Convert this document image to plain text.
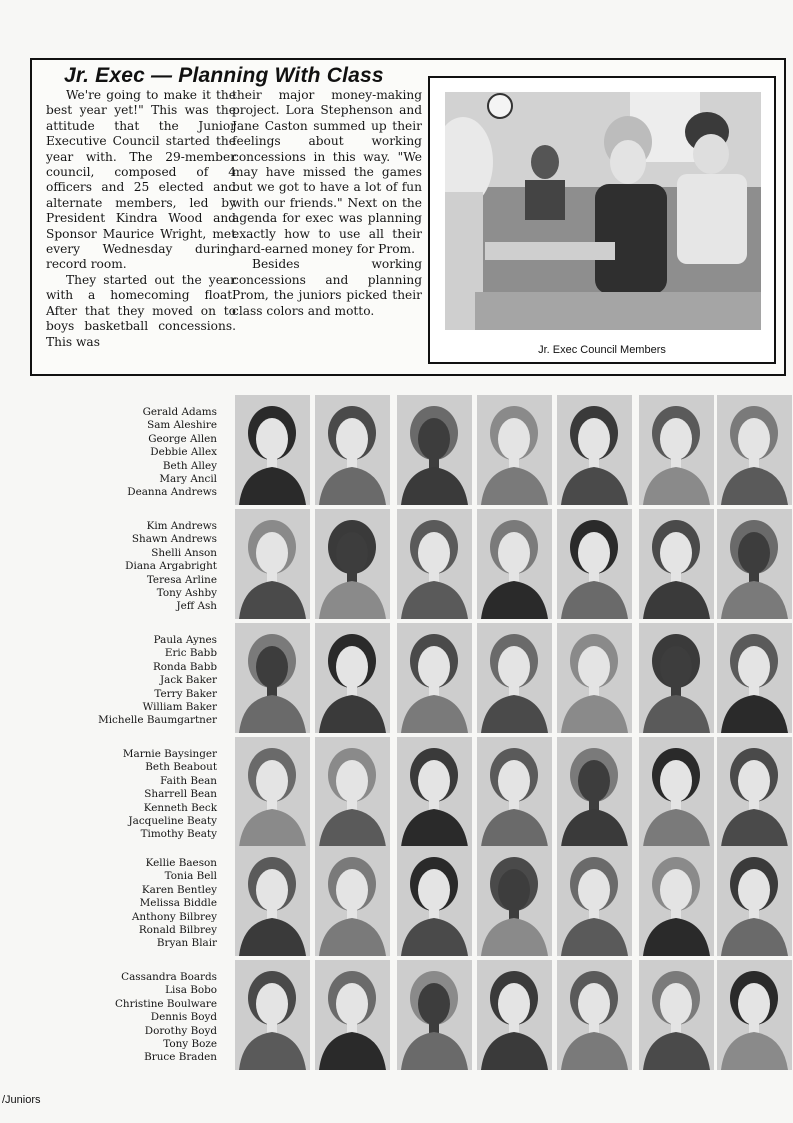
Jr. Exec — Planning With Class

We're going to make it the best year yet!" This was the attitude that the Junior Executive Council started the year with. The 29-member council, composed of 4 officers and 25 elected and alternate members, led by President Kindra Wood and Sponsor Maurice Wright, met every Wednesday during record room.

They started out the year with a homecoming float. After that they moved on to boys basketball concessions. This was

their major money-making project. Lora Stephenson and Jane Caston summed up their feelings about working concessions in this way. "We may have missed the games but we got to have a lot of fun with our friends." Next on the agenda for exec was planning exactly how to use all their hard-earned money for Prom.

Besides working concessions and planning Prom, the juniors picked their class colors and motto.

Jr. Exec Council Members
Gerald Adams
Sam Aleshire
George Allen
Debbie Allex
Beth Alley
Mary Ancil
Deanna Andrews
Kim Andrews
Shawn Andrews
Shelli Anson
Diana Argabright
Teresa Arline
Tony Ashby
Jeff Ash
Paula Aynes
Eric Babb
Ronda Babb
Jack Baker
Terry Baker
William Baker
Michelle Baumgartner
Marnie Baysinger
Beth Beabout
Faith Bean
Sharrell Bean
Kenneth Beck
Jacqueline Beaty
Timothy Beaty
Kellie Baeson
Tonia Bell
Karen Bentley
Melissa Biddle
Anthony Bilbrey
Ronald Bilbrey
Bryan Blair
Cassandra Boards
Lisa Bobo
Christine Boulware
Dennis Boyd
Dorothy Boyd
Tony Boze
Bruce Braden
/Juniors
